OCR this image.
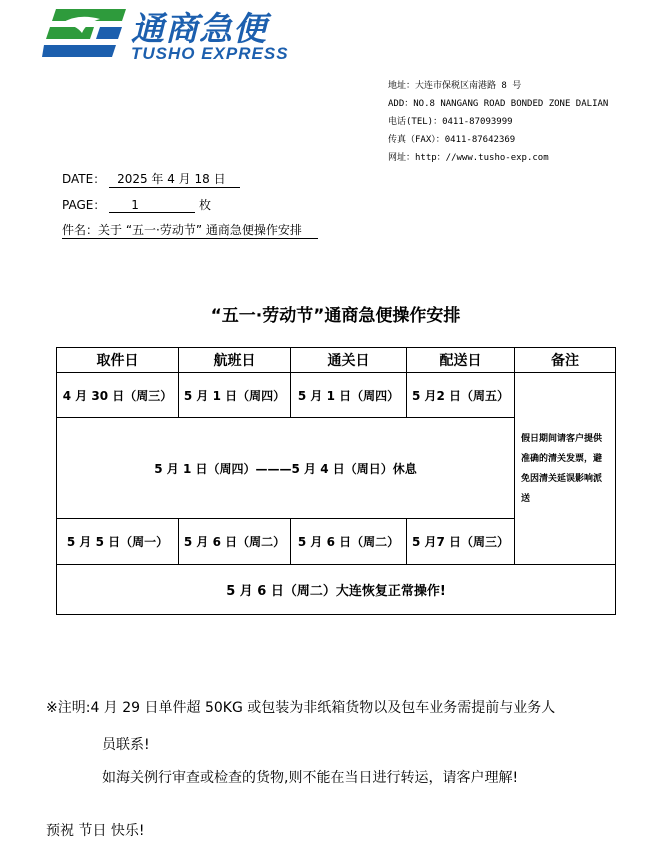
通商急便
TUSHO EXPRESS
地址：大连市保税区南港路 8 号
ADD：NO.8 NANGANG ROAD BONDED ZONE DALIAN
电话(TEL)：0411-87093999
传真（FAX）：0411-87642369
网址：http：//www.tusho-exp.com
DATE： 2025 年 4 月 18 日
PAGE： 1	枚
件名：关于 “五一·劳动节” 通商急便操作安排
“五一·劳动节”通商急便操作安排
取件日	航班日	通关日	配送日	备注
4 月 30 日（周三）	5 月 1 日（周四）	5 月 1 日（周四）	5 月2 日（周五）	假日期间请客户提供准确的清关发票，避免因清关延误影响派送
5 月 1 日（周四）———5 月 4 日（周日）休息				
5 月 5 日（周一）	5 月 6 日（周二）	5 月 6 日（周二）	5 月7 日（周三）	
5 月 6 日（周二）大连恢复正常操作!				
※注明:4 月 29 日单件超 50KG 或包装为非纸箱货物以及包车业务需提前与业务人
员联系!
如海关例行审查或检查的货物,则不能在当日进行转运，请客户理解!
预祝 节日 快乐!
